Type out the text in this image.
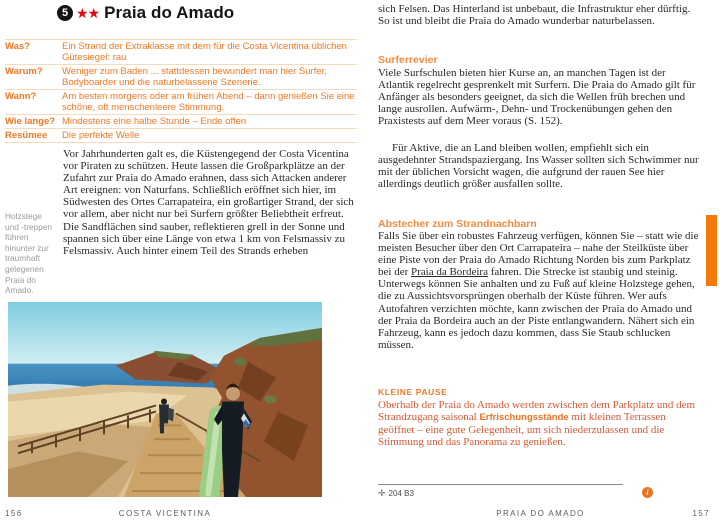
5 ★★ Praia do Amado
Was?	Ein Strand der Extraklasse mit dem für die Costa Vicentina üblichen Gütesiegel: rau
Warum?	Weniger zum Baden ... stattdessen bewundert man hier Surfer, Bodyboarder und die naturbelassene Szenerie.
Wann?	Am besten morgens oder am frühen Abend – dann genießen Sie eine schöne, oft menschenleere Stimmung.
Wie lange? Mindestens eine halbe Stunde – Ende offen
Resümee	Die perfekte Welle
Vor Jahrhunderten galt es, die Küstengegend der Costa Vicentina vor Piraten zu schützen. Heute lassen die Großparkplätze an der Zufahrt zur Praia do Amado erahnen, dass sich Attacken anderer Art ereignen: von Naturfans. Schließlich eröffnet sich hier, im Südwesten des Ortes Carrapateira, ein großartiger Strand, der sich vor allem, aber nicht nur bei Surfern größter Beliebtheit erfreut. Die Sandflächen sind sauber, reflektieren grell in der Sonne und spannen sich über eine Länge von etwa 1 km von Felsmassiv zu Felsmassiv. Auch hinter einem Teil des Strands erheben
Holzstege und -treppen führen hinunter zur traumhaft gelegenen Praia do Amado.
156	COSTA VICENTINA
sich Felsen. Das Hinterland ist unbebaut, die Infrastruktur eher dürftig. So ist und bleibt die Praia do Amado wunderbar naturbelassen.
Surferrevier
Viele Surfschulen bieten hier Kurse an, an manchen Tagen ist der Atlantik regelrecht gesprenkelt mit Surfern. Die Praia do Amado gilt für Anfänger als besonders geeignet, da sich die Wellen früh brechen und lange ausrollen. Aufwärm-, Dehn- und Trockenübungen gehen den Praxistests auf dem Meer voraus (S. 152).
Für Aktive, die an Land bleiben wollen, empfiehlt sich ein ausgedehnter Strandspaziergang. Ins Wasser sollten sich Schwimmer nur mit der üblichen Vorsicht wagen, die aufgrund der rauen See hier allerdings deutlich größer ausfallen sollte.
Abstecher zum Strandnachbarn
Falls Sie über ein robustes Fahrzeug verfügen, können Sie – statt wie die meisten Besucher über den Ort Carrapateira – nahe der Steilküste über eine Piste von der Praia do Amado Richtung Norden bis zum Parkplatz bei der Praia da Bordeira fahren. Die Strecke ist staubig und steinig. Unterwegs können Sie anhalten und zu Fuß auf kleine Holzstege gehen, die zu Aussichtsvorsprüngen oberhalb der Küste führen. Wer aufs Autofahren verzichten möchte, kann zwischen der Praia do Amado und der Praia da Bordeira auch an der Piste entlangwandern. Nähert sich ein Fahrzeug, kann es jedoch dazu kommen, dass Sie Staub schlucken müssen.
KLEINE PAUSE
Oberhalb der Praia do Amado werden zwischen dem Parkplatz und dem Strandzugang saisonal Erfrischungsstände mit kleinen Terrassen geöffnet – eine gute Gelegenheit, um sich niederzulassen und die Stimmung und das Panorama zu genießen.
✛ 204 B3	i
PRAIA DO AMADO	157
